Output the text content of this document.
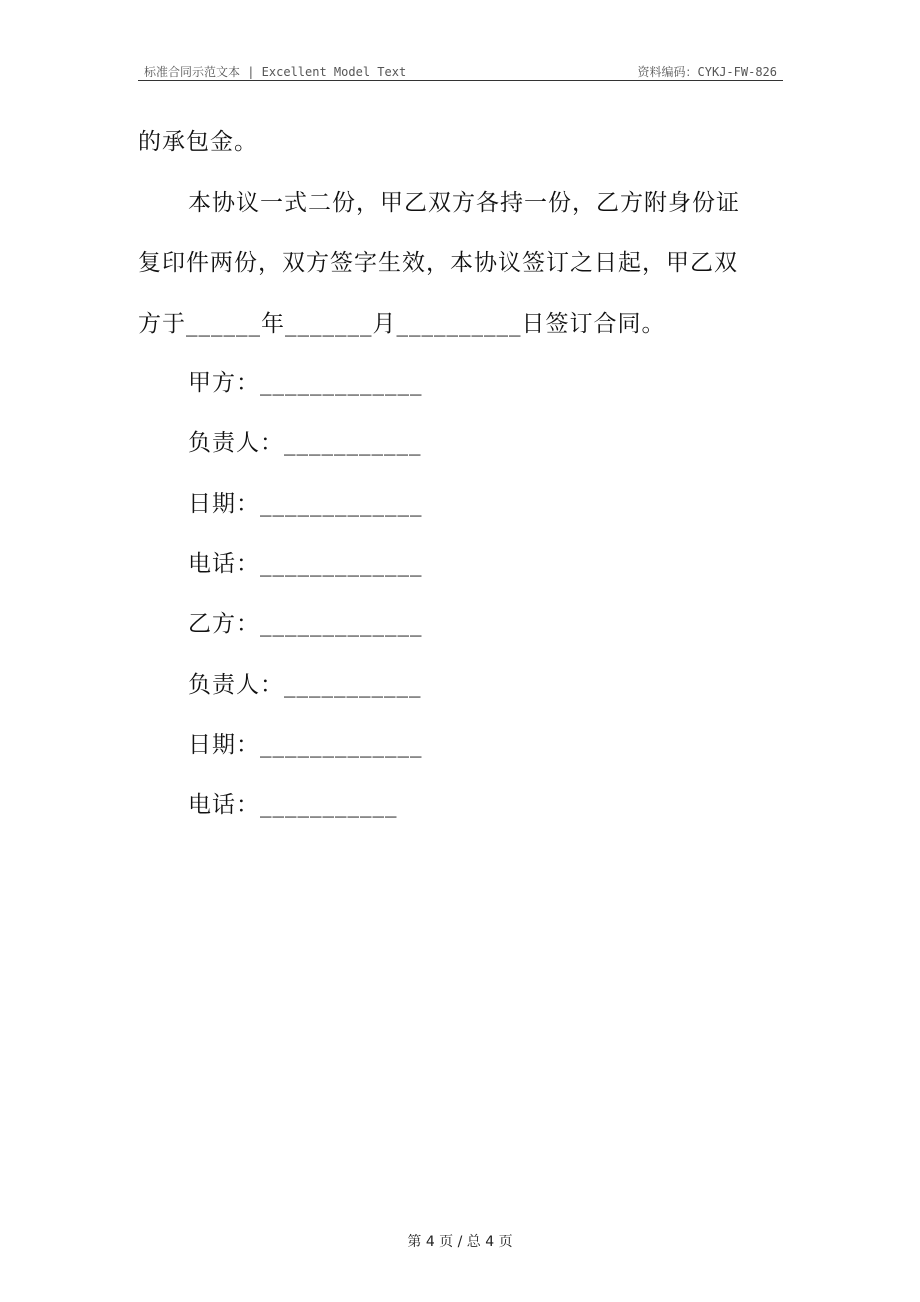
标准合同示范文本 | Excellent Model Text	资料编码：CYKJ-FW-826
的承包金。
本协议一式二份，甲乙双方各持一份，乙方附身份证
复印件两份，双方签字生效，本协议签订之日起，甲乙双
方于______年_______月__________日签订合同。
甲方：_____________
负责人：___________
日期：_____________
电话：_____________
乙方：_____________
负责人：___________
日期：_____________
电话：___________
第 4 页 / 总 4 页
